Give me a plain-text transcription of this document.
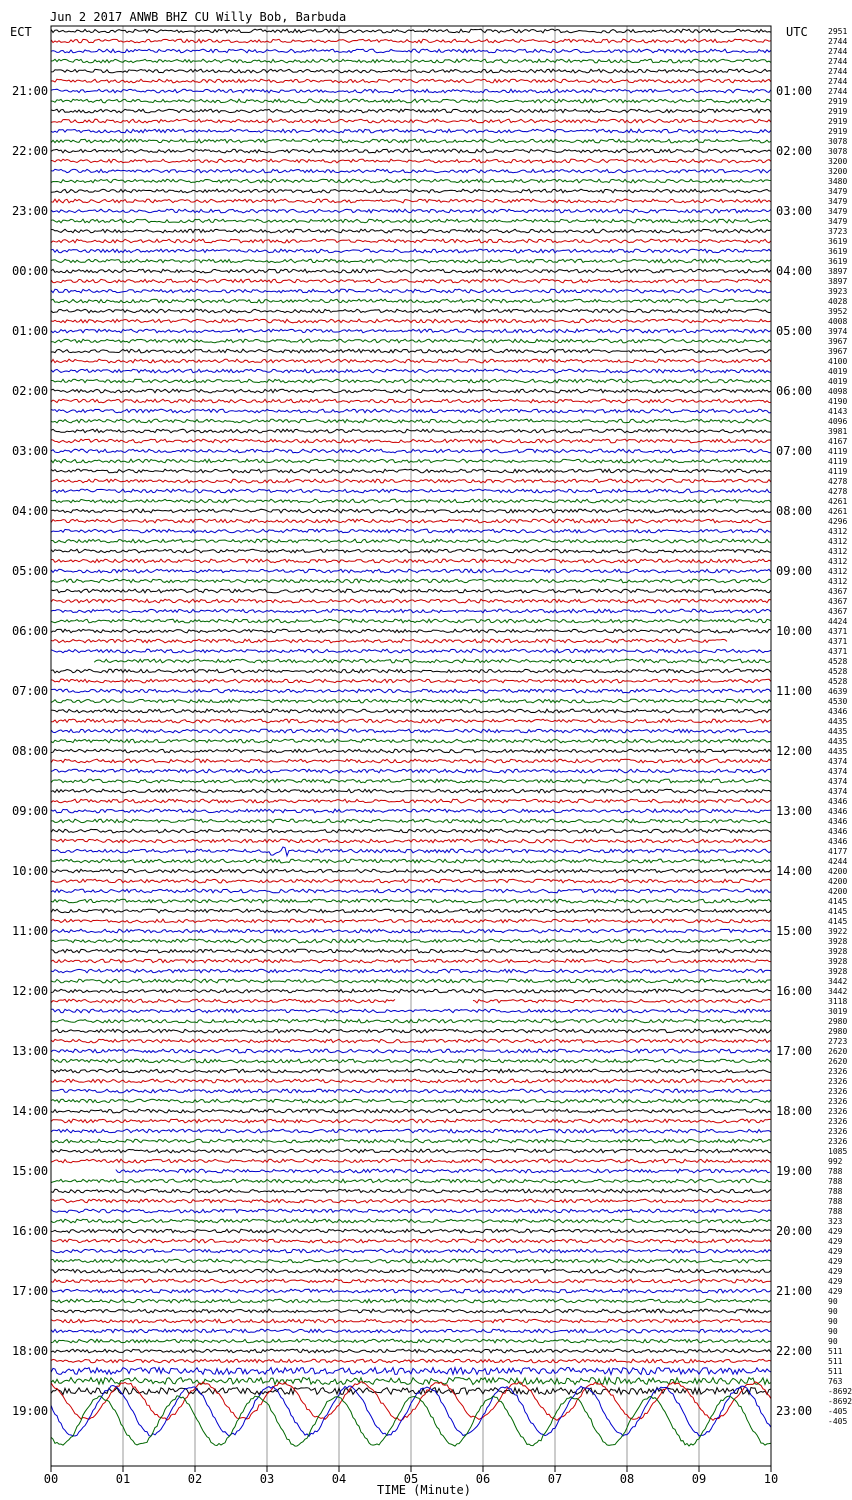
Jun 2 2017 ANWB BHZ CU Willy Bob, Barbuda
ECT	UTC
21:00
22:00
23:00
00:00
01:00
02:00
03:00
04:00
05:00
06:00
07:00
08:00
09:00
10:00
11:00
12:00
13:00
14:00
15:00
16:00
17:00
18:00
19:00
01:00
02:00
03:00
04:00
05:00
06:00
07:00
08:00
09:00
10:00
11:00
12:00
13:00
14:00
15:00
16:00
17:00
18:00
19:00
20:00
21:00
22:00
23:00
2951
2744
2744
2744
2744
2744
2744
2919
2919
2919
2919
3078
3078
3200
3200
3480
3479
3479
3479
3479
3723
3619
3619
3619
3897
3897
3923
4028
3952
4008
3974
3967
3967
4100
4019
4019
4098
4190
4143
4096
3981
4167
4119
4119
4119
4278
4278
4261
4261
4296
4312
4312
4312
4312
4312
4312
4367
4367
4367
4424
4371
4371
4371
4528
4528
4528
4639
4530
4346
4435
4435
4435
4435
4374
4374
4374
4374
4346
4346
4346
4346
4346
4177
4244
4200
4200
4200
4145
4145
4145
3922
3928
3928
3928
3928
3442
3442
3118
3019
2980
2980
2723
2620
2620
2326
2326
2326
2326
2326
2326
2326
2326
1085
992
788
788
788
788
788
323
429
429
429
429
429
429
429
90
90
90
90
90
511
511
511
763
-8692
-8692
-405
-405
00	01	02	03	04	05	06	07	08	09	10
TIME (Minute)
